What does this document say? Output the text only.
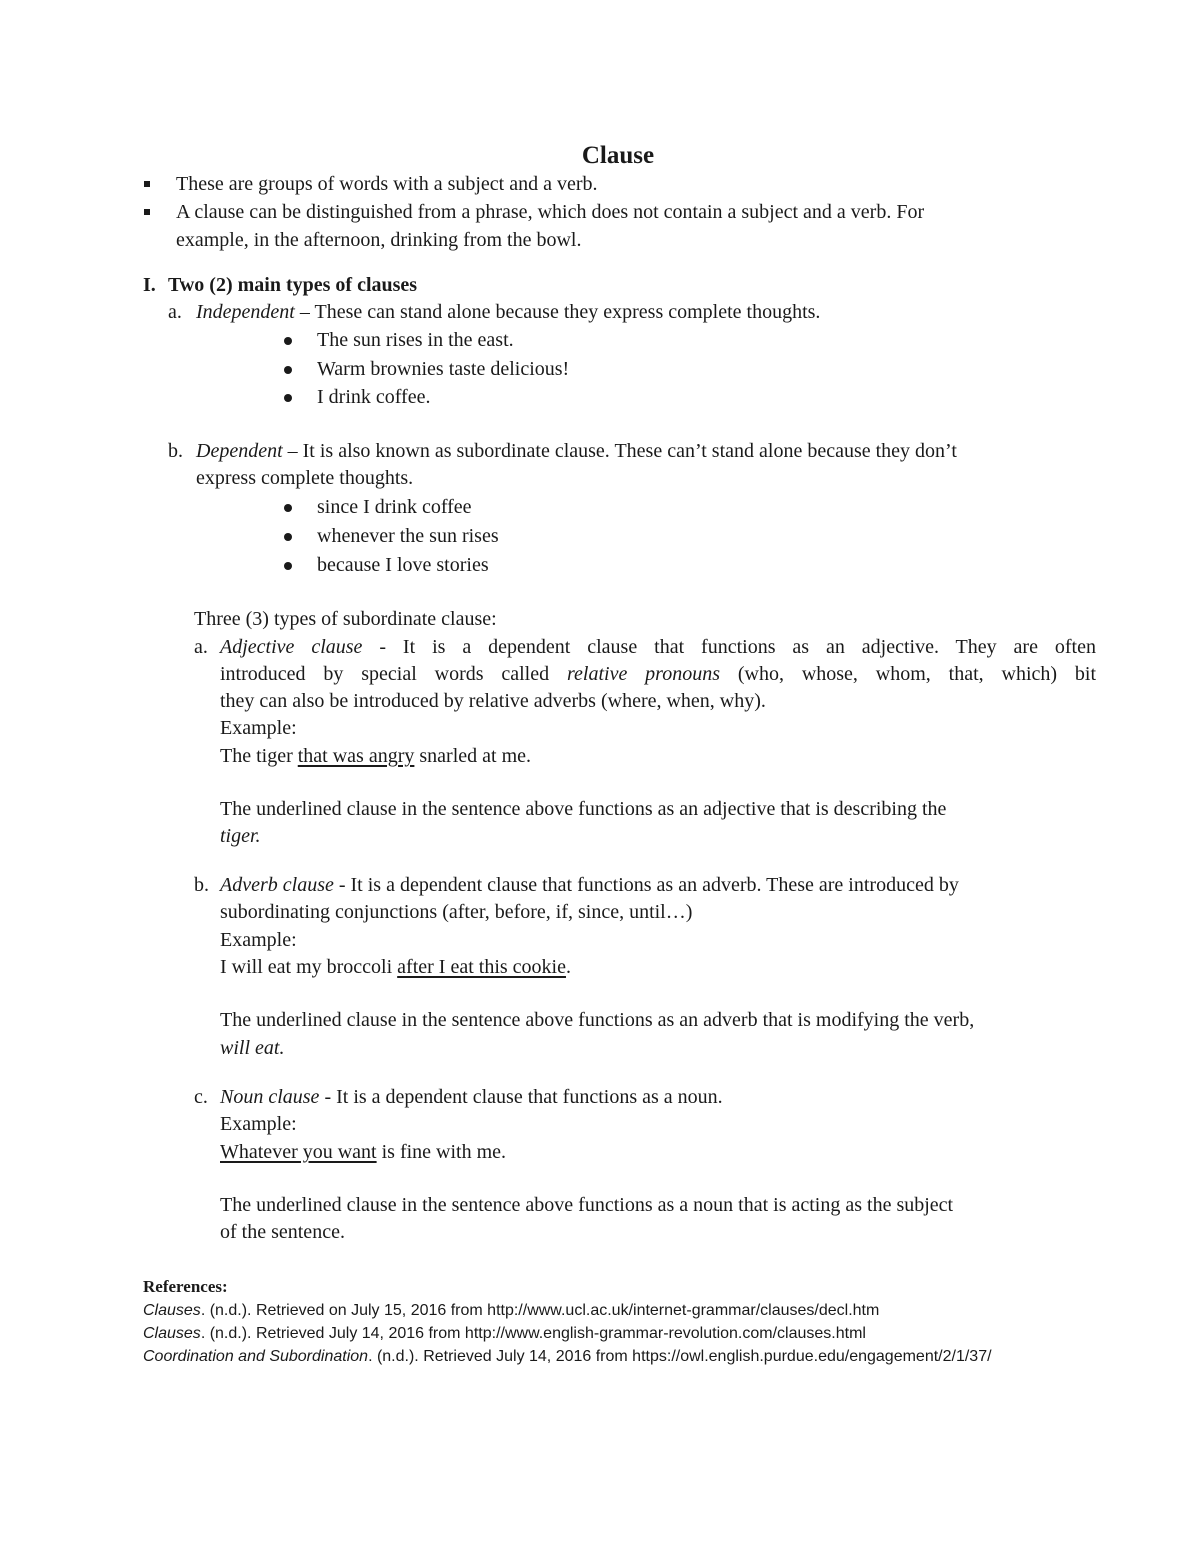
Clause
These are groups of words with a subject and a verb.
A clause can be distinguished from a phrase, which does not contain a subject and a verb. For
example, in the afternoon, drinking from the bowl.
I. Two (2) main types of clauses
a. Independent – These can stand alone because they express complete thoughts.
The sun rises in the east.
Warm brownies taste delicious!
I drink coffee.
b. Dependent – It is also known as subordinate clause. These can’t stand alone because they don’t
express complete thoughts.
since I drink coffee
whenever the sun rises
because I love stories
Three (3) types of subordinate clause:
a. Adjective clause - It is a dependent clause that functions as an adjective. They are often
introduced by special words called relative pronouns (who, whose, whom, that, which) bit
they can also be introduced by relative adverbs (where, when, why).
Example:
The tiger that was angry snarled at me.
The underlined clause in the sentence above functions as an adjective that is describing the
tiger.
b. Adverb clause - It is a dependent clause that functions as an adverb. These are introduced by
subordinating conjunctions (after, before, if, since, until…)
Example:
I will eat my broccoli after I eat this cookie.
The underlined clause in the sentence above functions as an adverb that is modifying the verb,
will eat.
c. Noun clause - It is a dependent clause that functions as a noun.
Example:
Whatever you want is fine with me.
The underlined clause in the sentence above functions as a noun that is acting as the subject
of the sentence.
References:
Clauses. (n.d.). Retrieved on July 15, 2016 from http://www.ucl.ac.uk/internet-grammar/clauses/decl.htm
Clauses. (n.d.). Retrieved July 14, 2016 from http://www.english-grammar-revolution.com/clauses.html
Coordination and Subordination. (n.d.). Retrieved July 14, 2016 from https://owl.english.purdue.edu/engagement/2/1/37/
